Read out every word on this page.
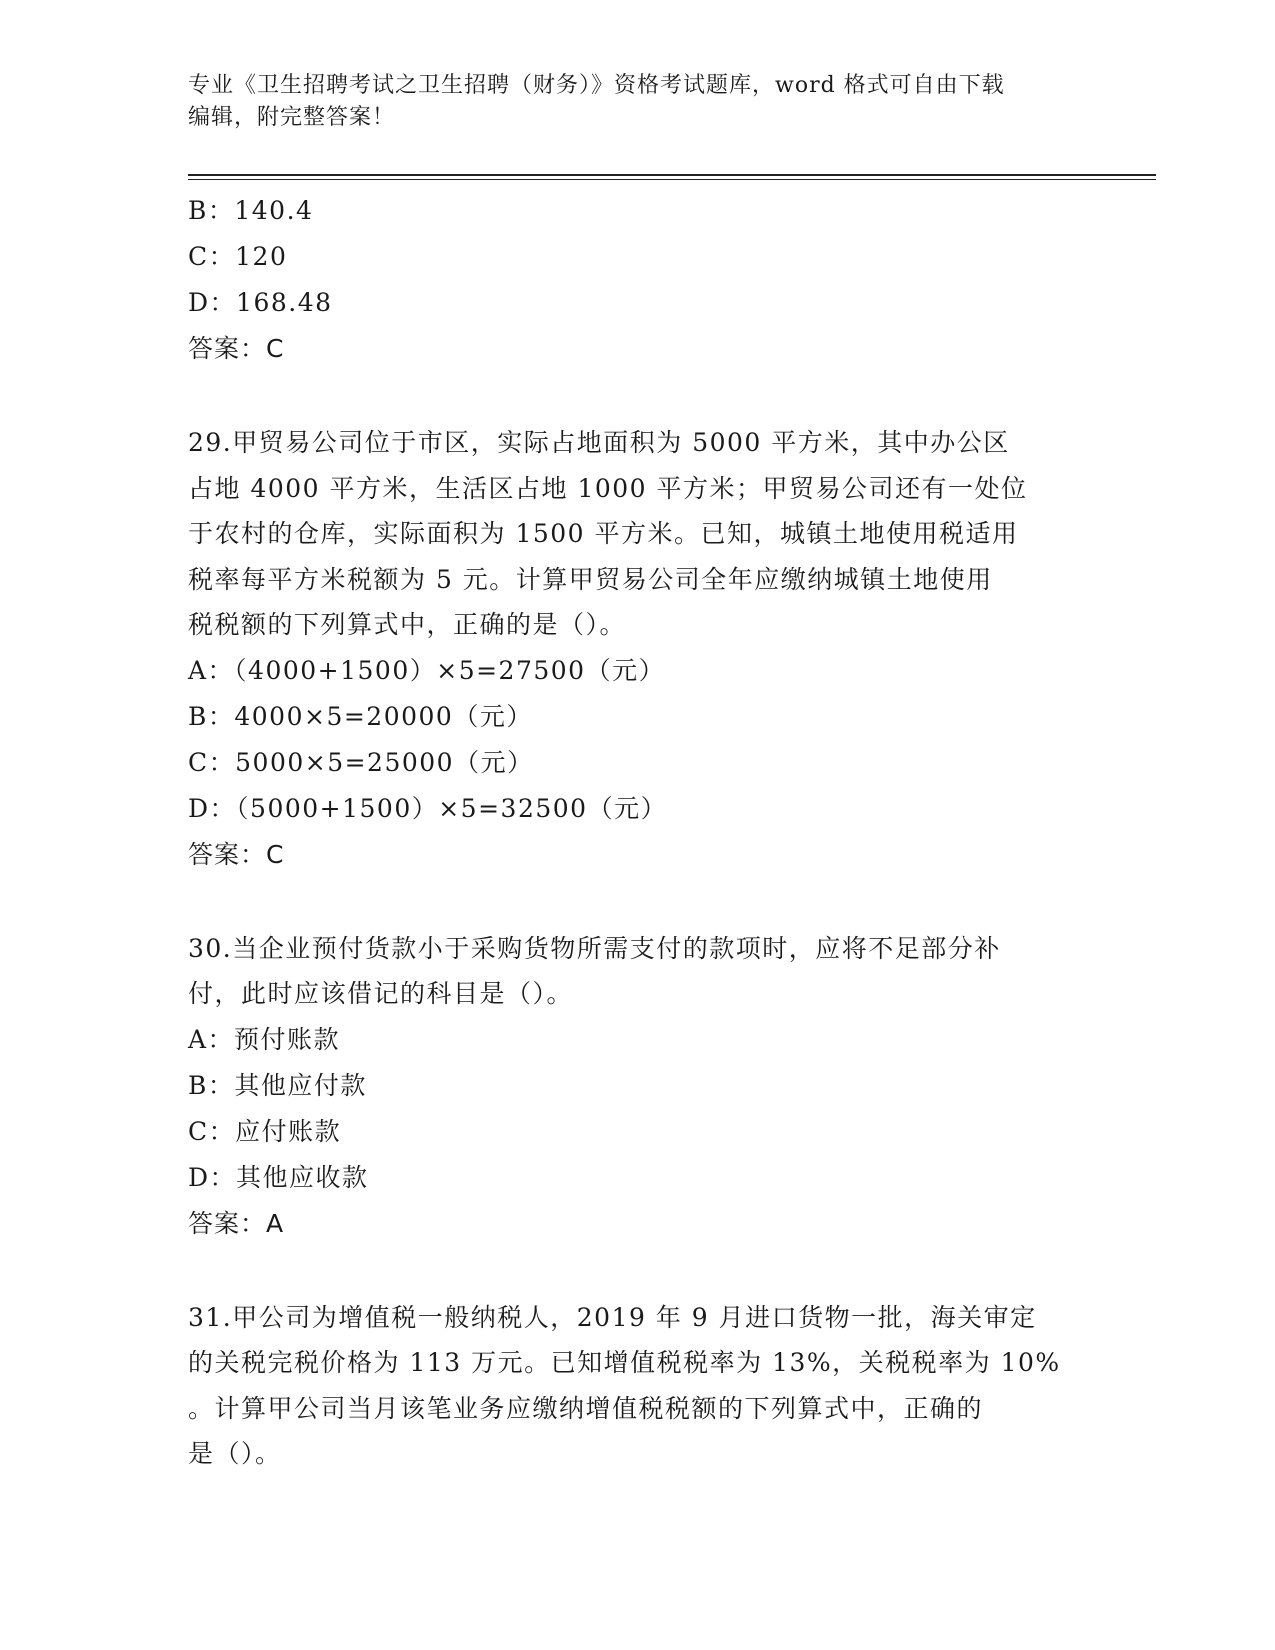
专业《卫生招聘考试之卫生招聘（财务）》资格考试题库，word 格式可自由下载
编辑，附完整答案！
B：140.4
C：120
D：168.48
答案：C
29.甲贸易公司位于市区，实际占地面积为 5000 平方米，其中办公区
占地 4000 平方米，生活区占地 1000 平方米；甲贸易公司还有一处位
于农村的仓库，实际面积为 1500 平方米。已知，城镇土地使用税适用
税率每平方米税额为 5 元。计算甲贸易公司全年应缴纳城镇土地使用
税税额的下列算式中，正确的是（）。
A：（4000+1500）×5=27500（元）
B：4000×5=20000（元）
C：5000×5=25000（元）
D：（5000+1500）×5=32500（元）
答案：C
30.当企业预付货款小于采购货物所需支付的款项时，应将不足部分补
付，此时应该借记的科目是（）。
A：预付账款
B：其他应付款
C：应付账款
D：其他应收款
答案：A
31.甲公司为增值税一般纳税人，2019 年 9 月进口货物一批，海关审定
的关税完税价格为 113 万元。已知增值税税率为 13%，关税税率为 10%
。计算甲公司当月该笔业务应缴纳增值税税额的下列算式中，正确的
是（）。
